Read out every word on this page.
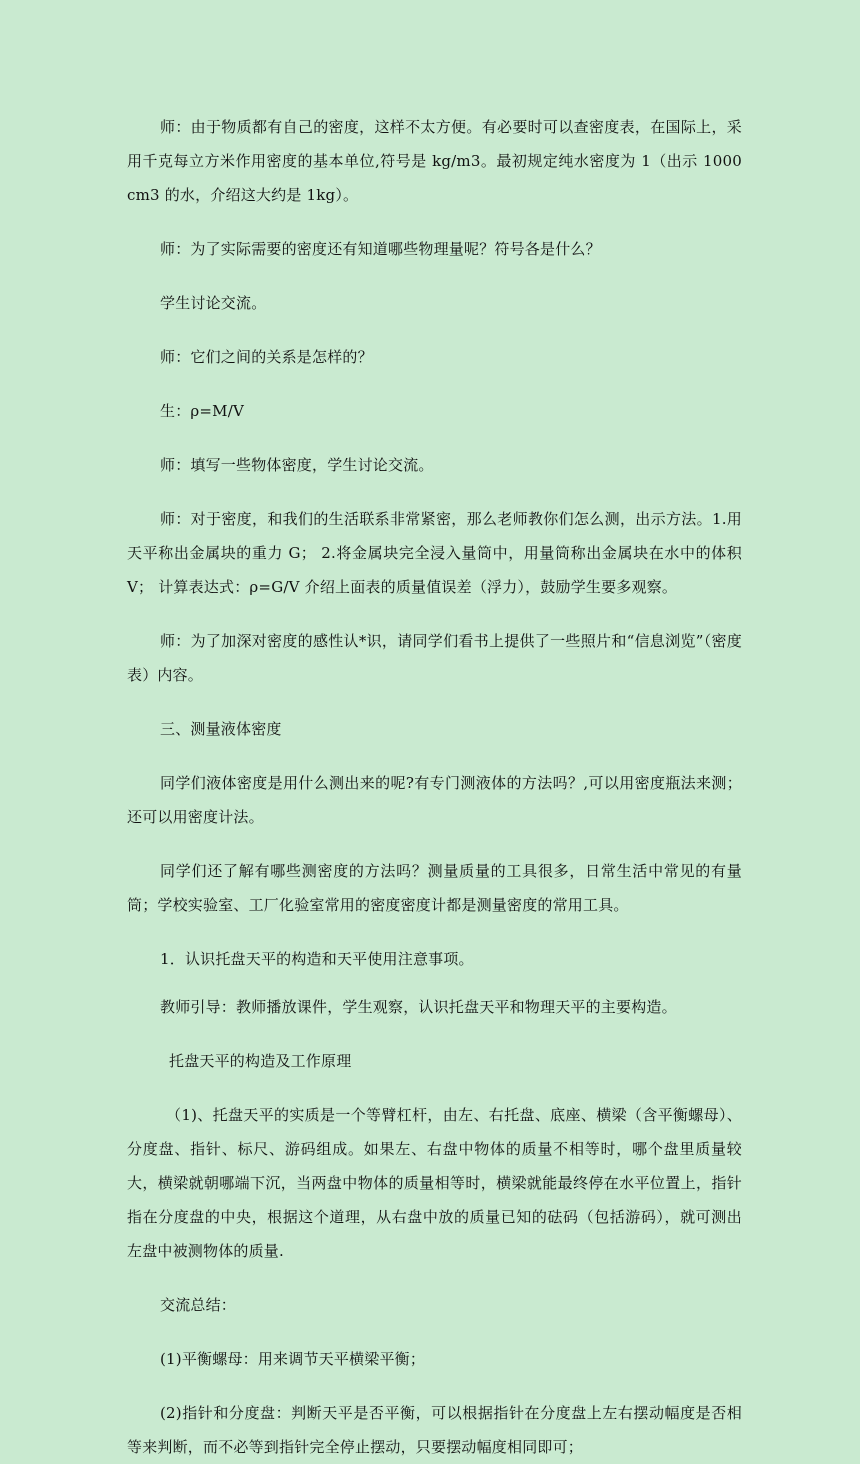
师：由于物质都有自己的密度，这样不太方便。有必要时可以查密度表，在国际上，采用千克每立方米作用密度的基本单位,符号是 kg/m3。最初规定纯水密度为 1（出示 1000 cm3 的水，介绍这大约是 1kg）。

师：为了实际需要的密度还有知道哪些物理量呢？符号各是什么？

学生讨论交流。

师：它们之间的关系是怎样的？

生：ρ=M/V

师：填写一些物体密度，学生讨论交流。

师：对于密度，和我们的生活联系非常紧密，那么老师教你们怎么测，出示方法。1.用天平称出金属块的重力 G； 2.将金属块完全浸入量筒中，用量筒称出金属块在水中的体积 V； 计算表达式：ρ=G/V 介绍上面表的质量值误差（浮力），鼓励学生要多观察。

师：为了加深对密度的感性认*识，请同学们看书上提供了一些照片和“信息浏览”（密度表）内容。

三、测量液体密度

同学们液体密度是用什么测出来的呢?有专门测液体的方法吗？,可以用密度瓶法来测；还可以用密度计法。

同学们还了解有哪些测密度的方法吗？测量质量的工具很多，日常生活中常见的有量筒；学校实验室、工厂化验室常用的密度密度计都是测量密度的常用工具。

1．认识托盘天平的构造和天平使用注意事项。

教师引导：教师播放课件，学生观察，认识托盘天平和物理天平的主要构造。

托盘天平的构造及工作原理

（1)、托盘天平的实质是一个等臂杠杆，由左、右托盘、底座、横梁（含平衡螺母）、分度盘、指针、标尺、游码组成。如果左、右盘中物体的质量不相等时，哪个盘里质量较大，横梁就朝哪端下沉，当两盘中物体的质量相等时，横梁就能最终停在水平位置上，指针指在分度盘的中央，根据这个道理，从右盘中放的质量已知的砝码（包括游码），就可测出左盘中被测物体的质量.

交流总结：

(1)平衡螺母：用来调节天平横梁平衡；

(2)指针和分度盘：判断天平是否平衡，可以根据指针在分度盘上左右摆动幅度是否相等来判断，而不必等到指针完全停止摆动，只要摆动幅度相同即可；
